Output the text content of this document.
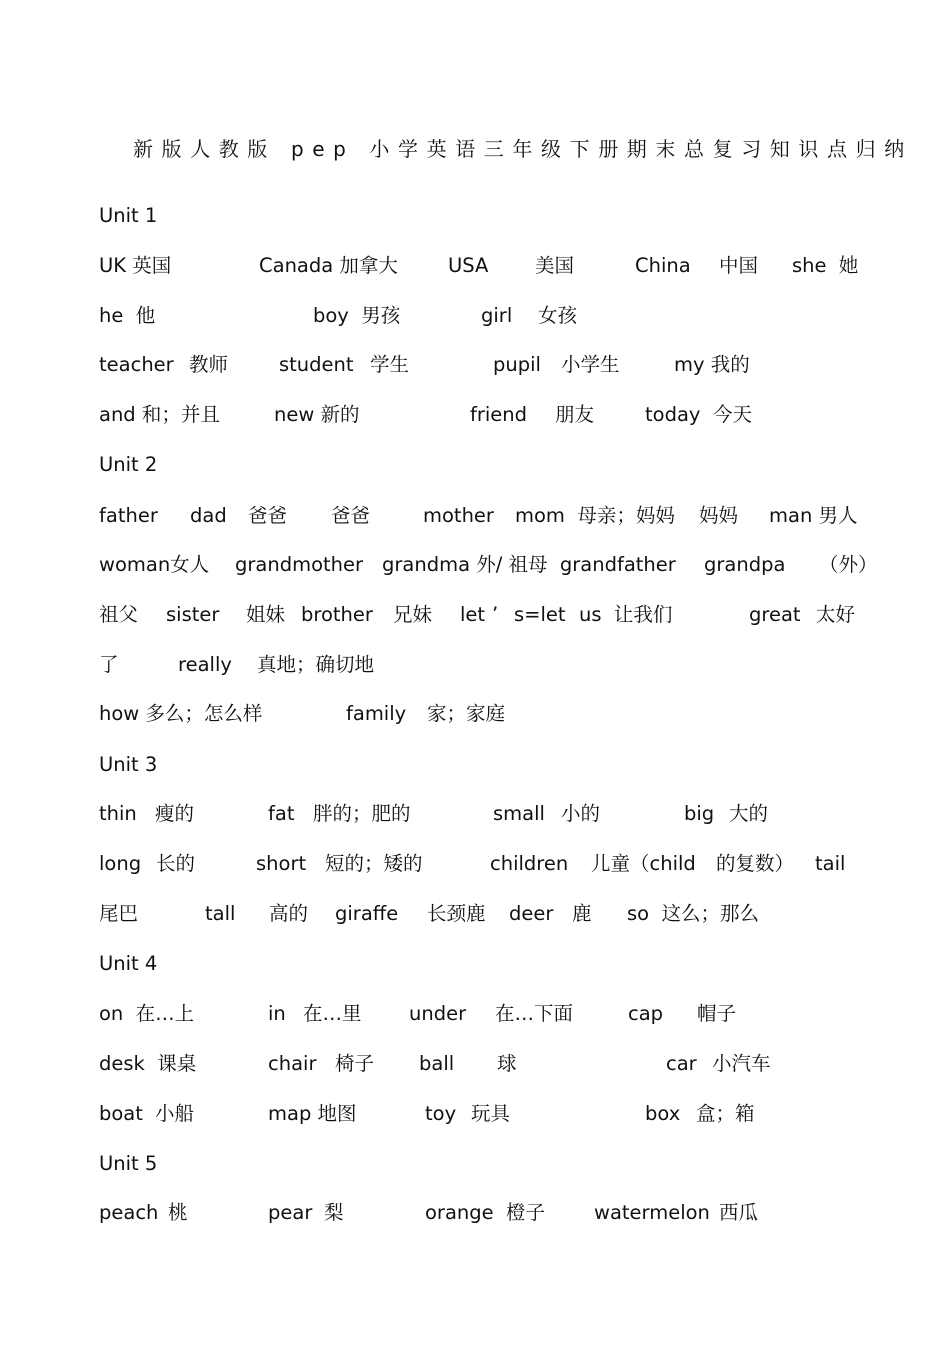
新版人教版 pep 小学英语三年级下册期末总复习知识点归纳
Unit 1
UK 英国	Canada 加拿大	USA 美国	China 中国 she  她
he  他	boy  男孩	girl 女孩
teacher 教师	student 学生	pupil 小学生	my 我的
and 和；并且	new 新的	friend 朋友	today 今天
Unit 2
father dad 爸爸 爸爸	mother mom  母亲；妈妈 妈妈 man 男人
woman女人 grandmother grandma 外/ 祖母  grandfather grandpa （外）
祖父 sister 姐妹 brother 兄妹 let ’ s=let us  让我们	great 太好
了	really 真地；确切地
how 多么；怎么样	family 家；家庭
Unit 3
thin 瘦的	fat 胖的；肥的	small 小的	big 大的
long 长的	short 短的；矮的	children 儿童（child 的复数） tail
尾巴	tall 高的 giraffe 长颈鹿 deer 鹿 so  这么；那么
Unit 4
on  在…上	in 在…里 under 在…下面	cap 帽子
desk  课桌	chair 椅子 ball 球	car 小汽车
boat 小船	map 地图	toy 玩具	box 盒；箱
Unit 5
peach 桃	pear 梨	orange 橙子	watermelon 西瓜
